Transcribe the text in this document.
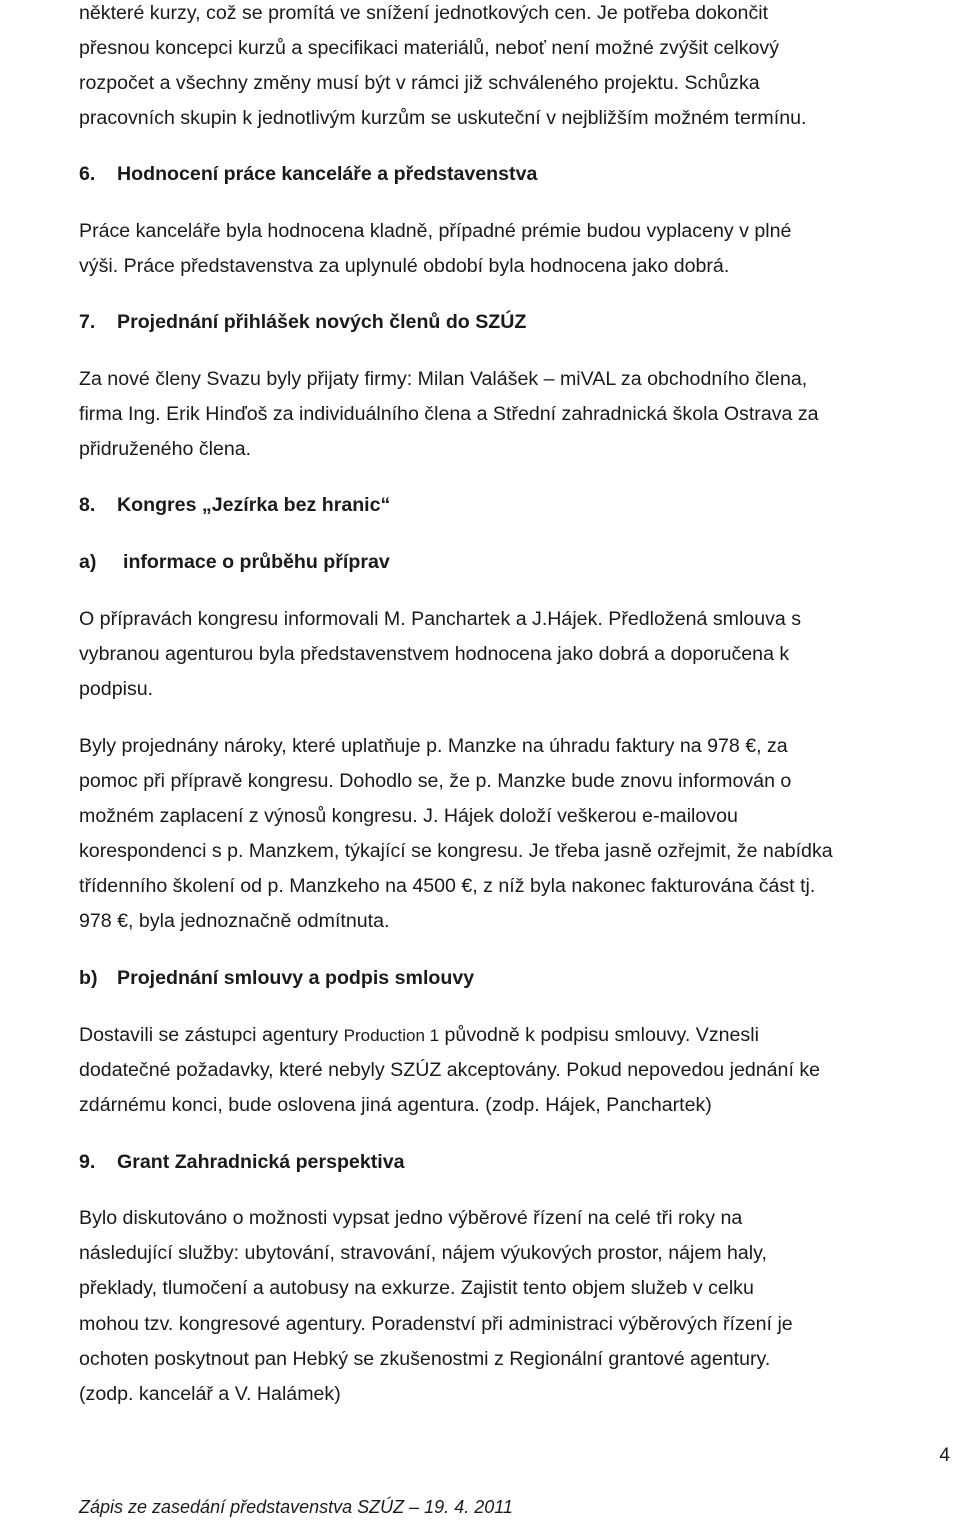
některé kurzy, což se promítá ve snížení jednotkových cen. Je potřeba dokončit
přesnou koncepci kurzů a specifikaci materiálů, neboť není možné zvýšit celkový
rozpočet a všechny změny musí být v rámci již schváleného projektu. Schůzka
pracovních skupin k jednotlivým kurzům se uskuteční v nejbližším možném termínu.
6. Hodnocení práce kanceláře a představenstva
Práce kanceláře byla hodnocena kladně, případné prémie budou vyplaceny v plné
výši. Práce představenstva za uplynulé období byla hodnocena jako dobrá.
7. Projednání přihlášek nových členů do SZÚZ
Za nové členy Svazu byly přijaty firmy: Milan Valášek – miVAL za obchodního člena,
firma Ing. Erik Hinďoš za individuálního člena a Střední zahradnická škola Ostrava za
přidruženého člena.
8. Kongres „Jezírka bez hranic“
a) informace o průběhu příprav
O přípravách kongresu informovali M. Panchartek a J.Hájek. Předložená smlouva s
vybranou agenturou byla představenstvem hodnocena jako dobrá a doporučena k
podpisu.
Byly projednány nároky, které uplatňuje p. Manzke na úhradu faktury na 978 €, za
pomoc při přípravě kongresu. Dohodlo se, že p. Manzke bude znovu informován o
možném zaplacení z výnosů kongresu. J. Hájek doloží veškerou e-mailovou
korespondenci s p. Manzkem, týkající se kongresu. Je třeba jasně ozřejmit, že nabídka
třídenního školení od p. Manzkeho na 4500 €, z níž byla nakonec fakturována část tj.
978 €, byla jednoznačně odmítnuta.
b) Projednání smlouvy a podpis smlouvy
Dostavili se zástupci agentury Production 1 původně k podpisu smlouvy. Vznesli
dodatečné požadavky, které nebyly SZÚZ akceptovány. Pokud nepovedou jednání ke
zdárnému konci, bude oslovena jiná agentura. (zodp. Hájek, Panchartek)
9. Grant Zahradnická perspektiva
Bylo diskutováno o možnosti vypsat jedno výběrové řízení na celé tři roky na
následující služby: ubytování, stravování, nájem výukových prostor, nájem haly,
překlady, tlumočení a autobusy na exkurze. Zajistit tento objem služeb v celku
mohou tzv. kongresové agentury. Poradenství při administraci výběrových řízení je
ochoten poskytnout pan Hebký se zkušenostmi z Regionální grantové agentury.
(zodp. kancelář a V. Halámek)
4
Zápis ze zasedání představenstva SZÚZ – 19. 4. 2011
